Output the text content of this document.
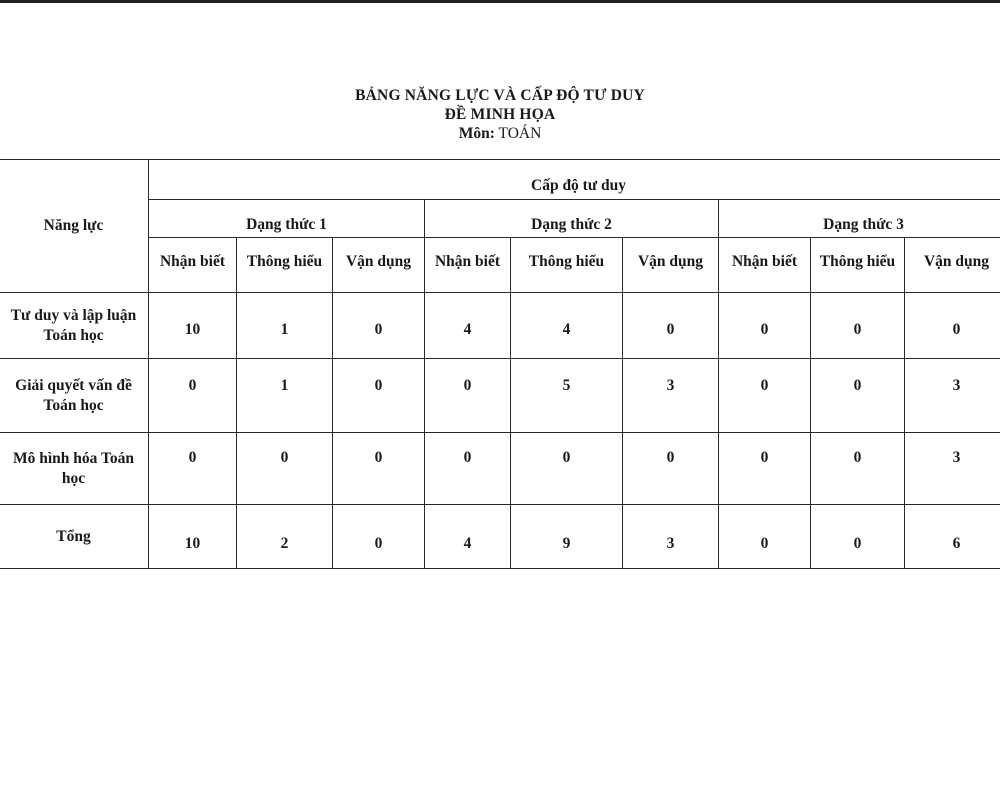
BẢNG NĂNG LỰC VÀ CẤP ĐỘ TƯ DUY
ĐỀ MINH HỌA
Môn: TOÁN
Năng lực	Cấp độ tư duy								
	Dạng thức 1			Dạng thức 2			Dạng thức 3		
	Nhận biết	Thông hiểu	Vận dụng	Nhận biết	Thông hiểu	Vận dụng	Nhận biết	Thông hiểu	Vận dụng
Tư duy và lập luận Toán học	10	1	0	4	4	0	0	0	0
Giải quyết vấn đề Toán học	0	1	0	0	5	3	0	0	3
Mô hình hóa Toán học	0	0	0	0	0	0	0	0	3
Tổng	10	2	0	4	9	3	0	0	6
